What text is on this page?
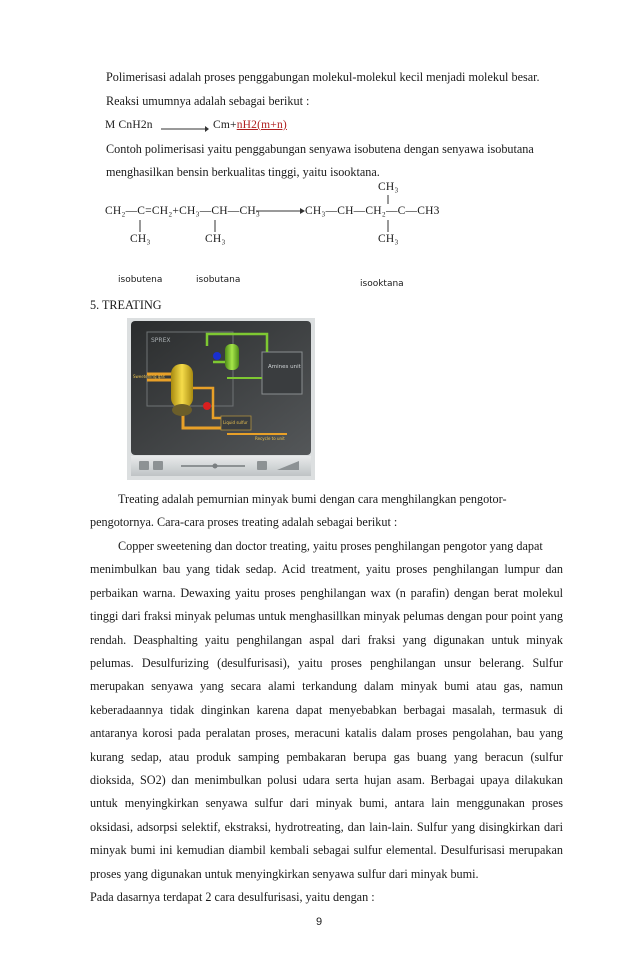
Polimerisasi adalah proses penggabungan molekul-molekul kecil menjadi molekul besar.
Reaksi umumnya adalah sebagai berikut :
M CnH2n → Cm+nH2(m+n)
Contoh polimerisasi yaitu penggabungan senyawa isobutena dengan senyawa isobutana
menghasilkan bensin berkualitas tinggi, yaitu isooktana.
CH₂—C=CH₂+CH₃—CH—CH₃
CH₃	CH₃
CH₃
CH₃—CH—CH₂—C—CH3
CH₃
isobutena	isobutana	isooktana
5. TREATING
SPREX
Amines unit
Liquid sulfur
Sweetening gas
Recycle to unit
Treating adalah pemurnian minyak bumi dengan cara menghilangkan pengotor-
pengotornya. Cara-cara proses treating adalah sebagai berikut :
Copper sweetening dan doctor treating, yaitu proses penghilangan pengotor yang dapat
menimbulkan bau yang tidak sedap. Acid treatment, yaitu proses penghilangan lumpur dan perbaikan warna. Dewaxing yaitu proses penghilangan wax (n parafin) dengan berat molekul tinggi dari fraksi minyak pelumas untuk menghasillkan minyak pelumas dengan pour point yang rendah. Deasphalting yaitu penghilangan aspal dari fraksi yang digunakan untuk minyak pelumas. Desulfurizing (desulfurisasi), yaitu proses penghilangan unsur belerang. Sulfur merupakan senyawa yang secara alami terkandung dalam minyak bumi atau gas, namun keberadaannya tidak dinginkan karena dapat menyebabkan berbagai masalah, termasuk di antaranya korosi pada peralatan proses, meracuni katalis dalam proses pengolahan, bau yang kurang sedap, atau produk samping pembakaran berupa gas buang yang beracun (sulfur dioksida, SO2) dan menimbulkan polusi udara serta hujan asam. Berbagai upaya dilakukan untuk menyingkirkan senyawa sulfur dari minyak bumi, antara lain menggunakan proses oksidasi, adsorpsi selektif, ekstraksi, hydrotreating, dan lain-lain. Sulfur yang disingkirkan dari minyak bumi ini kemudian diambil kembali sebagai sulfur elemental. Desulfurisasi merupakan proses yang digunakan untuk menyingkirkan senyawa sulfur dari minyak bumi.
Pada dasarnya terdapat 2 cara desulfurisasi, yaitu dengan :
9
